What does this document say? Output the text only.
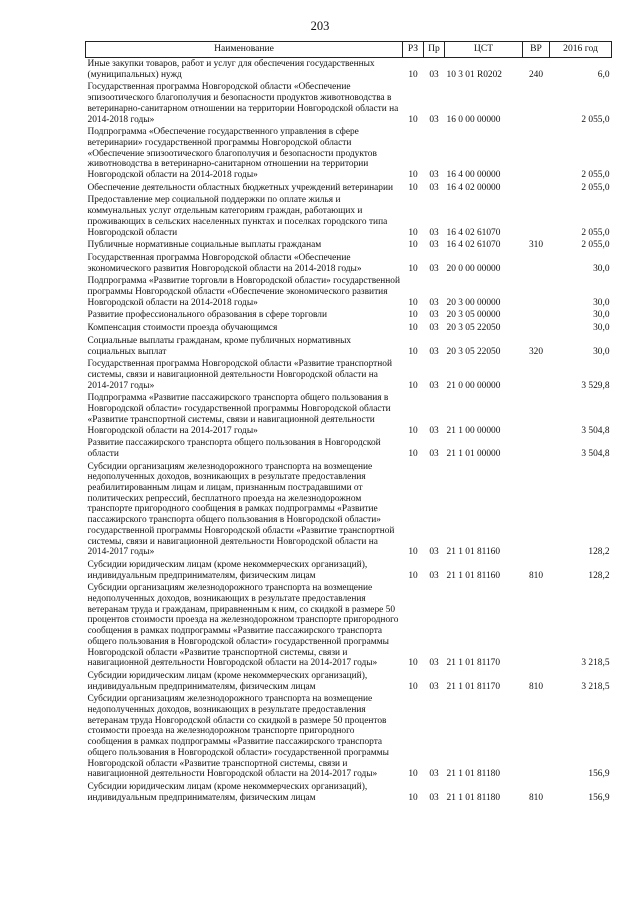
203
Наименование	РЗ	Пр	ЦСТ	ВР	2016 год
Иные закупки товаров, работ и услуг для обеспечения государственных (муниципальных) нужд	10	03	10 3 01 R0202	240	6,0
Государственная программа Новгородской области «Обеспечение эпизоотического благополучия и безопасности продуктов животноводства в ветеринарно-санитарном отношении на территории Новгородской области на 2014-2018 годы»	10	03	16 0 00 00000		2 055,0
Подпрограмма «Обеспечение государственного управления в сфере ветеринарии» государственной программы Новгородской области «Обеспечение эпизоотического благополучия и безопасности продуктов животноводства в ветеринарно-санитарном отношении на территории Новгородской области на 2014-2018 годы»	10	03	16 4 00 00000		2 055,0
Обеспечение деятельности областных бюджетных учреждений ветеринарии	10	03	16 4 02 00000		2 055,0
Предоставление мер социальной поддержки по оплате жилья и коммунальных услуг отдельным категориям граждан, работающих и проживающих в сельских населенных пунктах и поселках городского типа Новгородской области	10	03	16 4 02 61070		2 055,0
Публичные нормативные социальные выплаты гражданам	10	03	16 4 02 61070	310	2 055,0
Государственная программа Новгородской области «Обеспечение экономического развития Новгородской области на 2014-2018 годы»	10	03	20 0 00 00000		30,0
Подпрограмма «Развитие торговли в Новгородской области» государственной программы Новгородской области «Обеспечение экономического развития Новгородской области на 2014-2018 годы»	10	03	20 3 00 00000		30,0
Развитие профессионального образования в сфере торговли	10	03	20 3 05 00000		30,0
Компенсация стоимости проезда обучающимся	10	03	20 3 05 22050		30,0
Социальные выплаты гражданам, кроме публичных нормативных социальных выплат	10	03	20 3 05 22050	320	30,0
Государственная программа Новгородской области «Развитие транспортной системы, связи и навигационной деятельности Новгородской области на 2014-2017 годы»	10	03	21 0 00 00000		3 529,8
Подпрограмма «Развитие пассажирского транспорта общего пользования в Новгородской области» государственной программы Новгородской области «Развитие транспортной системы, связи и навигационной деятельности Новгородской области на 2014-2017 годы»	10	03	21 1 00 00000		3 504,8
Развитие пассажирского транспорта общего пользования в Новгородской области	10	03	21 1 01 00000		3 504,8
Субсидии организациям железнодорожного транспорта на возмещение недополученных доходов, возникающих в результате предоставления реабилитированным лицам и лицам, признанным пострадавшими от политических репрессий, бесплатного проезда на железнодорожном транспорте пригородного сообщения в рамках подпрограммы «Развитие пассажирского транспорта общего пользования в Новгородской области» государственной программы Новгородской области «Развитие транспортной системы, связи и навигационной деятельности Новгородской области на 2014-2017 годы»	10	03	21 1 01 81160		128,2
Субсидии юридическим лицам (кроме некоммерческих организаций), индивидуальным предпринимателям, физическим лицам	10	03	21 1 01 81160	810	128,2
Субсидии организациям железнодорожного транспорта на возмещение недополученных доходов, возникающих в результате предоставления ветеранам труда и гражданам, приравненным к ним, со скидкой в размере 50 процентов стоимости проезда на железнодорожном транспорте пригородного сообщения в рамках подпрограммы «Развитие пассажирского транспорта общего пользования в Новгородской области» государственной программы Новгородской области «Развитие транспортной системы, связи и навигационной деятельности Новгородской области на 2014-2017 годы»	10	03	21 1 01 81170		3 218,5
Субсидии юридическим лицам (кроме некоммерческих организаций), индивидуальным предпринимателям, физическим лицам	10	03	21 1 01 81170	810	3 218,5
Субсидии организациям железнодорожного транспорта на возмещение недополученных доходов, возникающих в результате предоставления ветеранам труда Новгородской области со скидкой в размере 50 процентов стоимости проезда на железнодорожном транспорте пригородного сообщения в рамках подпрограммы «Развитие пассажирского транспорта общего пользования в Новгородской области» государственной программы Новгородской области «Развитие транспортной системы, связи и навигационной деятельности Новгородской области на 2014-2017 годы»	10	03	21 1 01 81180		156,9
Субсидии юридическим лицам (кроме некоммерческих организаций), индивидуальным предпринимателям, физическим лицам	10	03	21 1 01 81180	810	156,9
